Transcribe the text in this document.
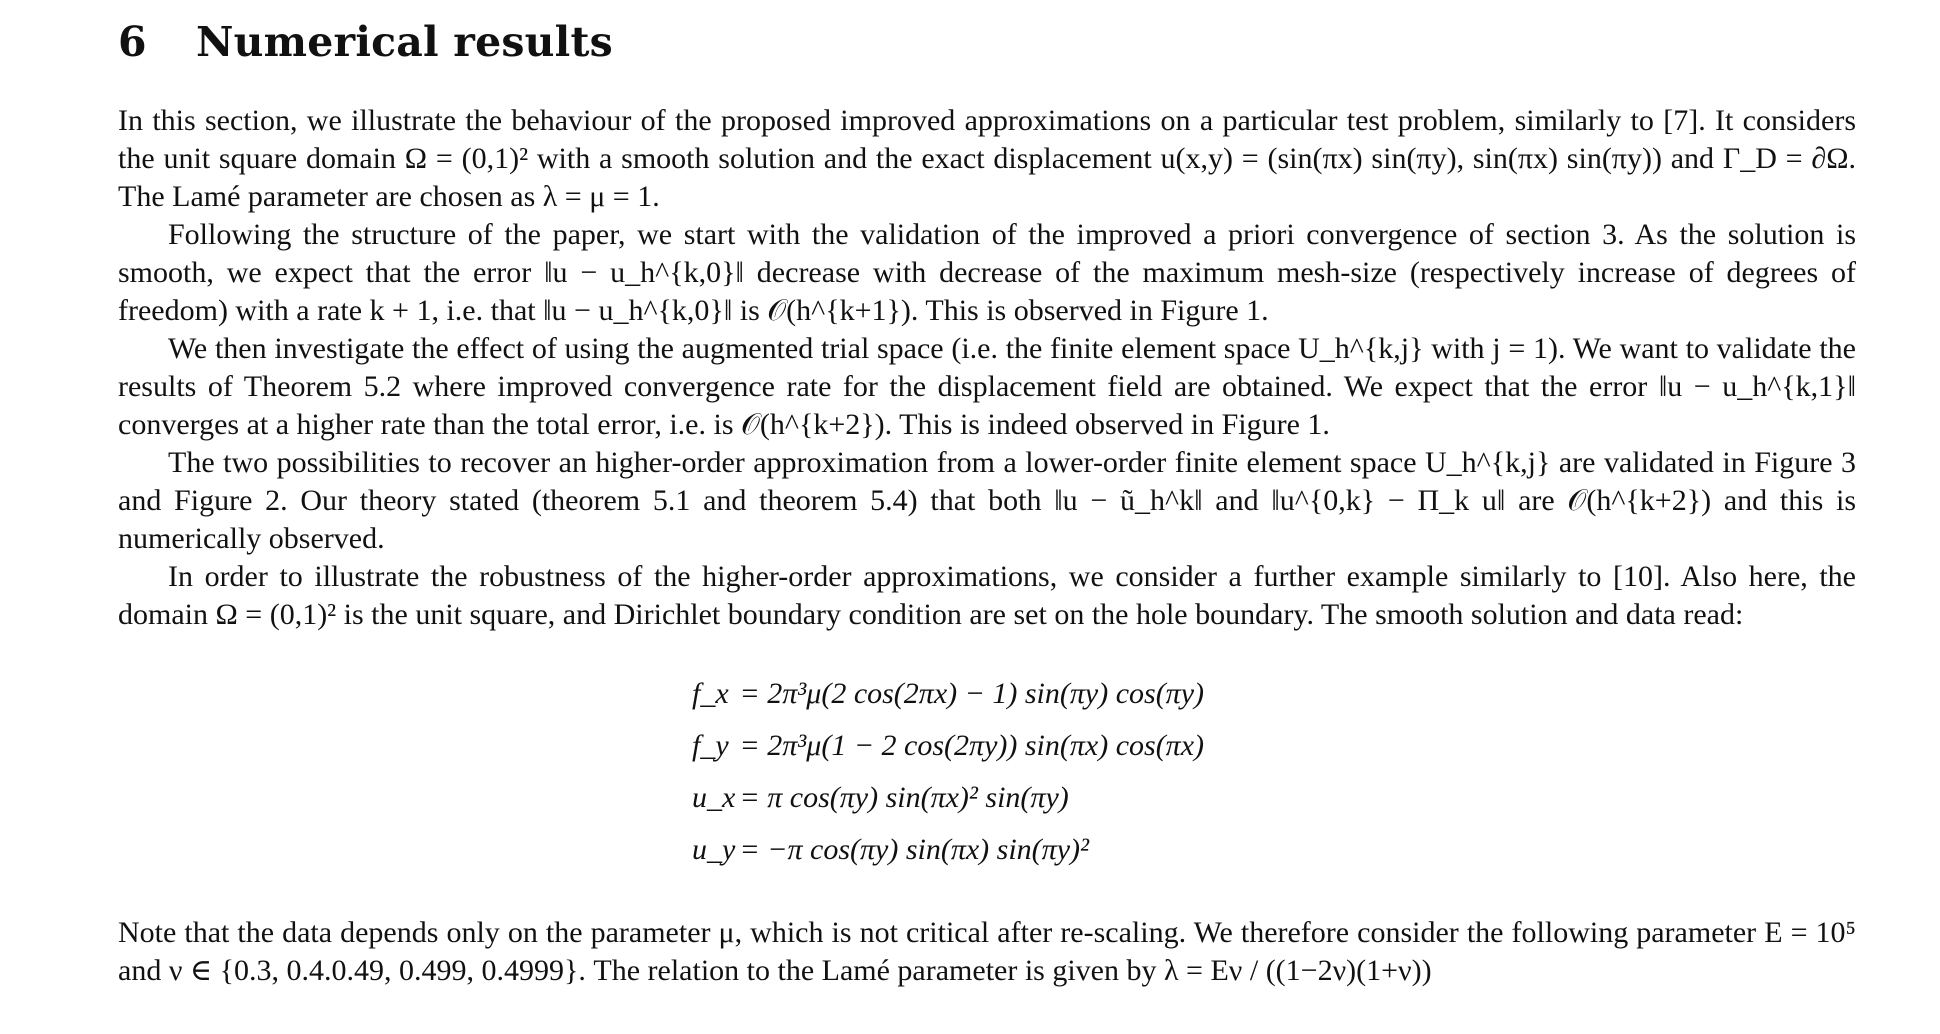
6 Numerical results

In this section, we illustrate the behaviour of the proposed improved approximations on a particular test problem, similarly to [7]. It considers the unit square domain Ω = (0,1)² with a smooth solution and the exact displacement u(x,y) = (sin(πx) sin(πy), sin(πx) sin(πy)) and Γ_D = ∂Ω. The Lamé parameter are chosen as λ = μ = 1.

Following the structure of the paper, we start with the validation of the improved a priori convergence of section 3. As the solution is smooth, we expect that the error ‖u − u_h^{k,0}‖ decrease with decrease of the maximum mesh-size (respectively increase of degrees of freedom) with a rate k + 1, i.e. that ‖u − u_h^{k,0}‖ is 𝒪(h^{k+1}). This is observed in Figure 1.

We then investigate the effect of using the augmented trial space (i.e. the finite element space U_h^{k,j} with j = 1). We want to validate the results of Theorem 5.2 where improved convergence rate for the displacement field are obtained. We expect that the error ‖u − u_h^{k,1}‖ converges at a higher rate than the total error, i.e. is 𝒪(h^{k+2}). This is indeed observed in Figure 1.

The two possibilities to recover an higher-order approximation from a lower-order finite element space U_h^{k,j} are validated in Figure 3 and Figure 2. Our theory stated (theorem 5.1 and theorem 5.4) that both ‖u − ũ_h^k‖ and ‖u^{0,k} − Π_k u‖ are 𝒪(h^{k+2}) and this is numerically observed.

In order to illustrate the robustness of the higher-order approximations, we consider a further example similarly to [10]. Also here, the domain Ω = (0,1)² is the unit square, and Dirichlet boundary condition are set on the hole boundary. The smooth solution and data read:

f_x = 2π³μ(2 cos(2πx) − 1) sin(πy) cos(πy)
f_y = 2π³μ(1 − 2 cos(2πy)) sin(πx) cos(πx)
u_x = π cos(πy) sin(πx)² sin(πy)
u_y = −π cos(πy) sin(πx) sin(πy)²

Note that the data depends only on the parameter μ, which is not critical after re-scaling. We therefore consider the following parameter E = 10⁵ and ν ∈ {0.3, 0.4.0.49, 0.499, 0.4999}. The relation to the Lamé parameter is given by λ = Eν / ((1−2ν)(1+ν))
